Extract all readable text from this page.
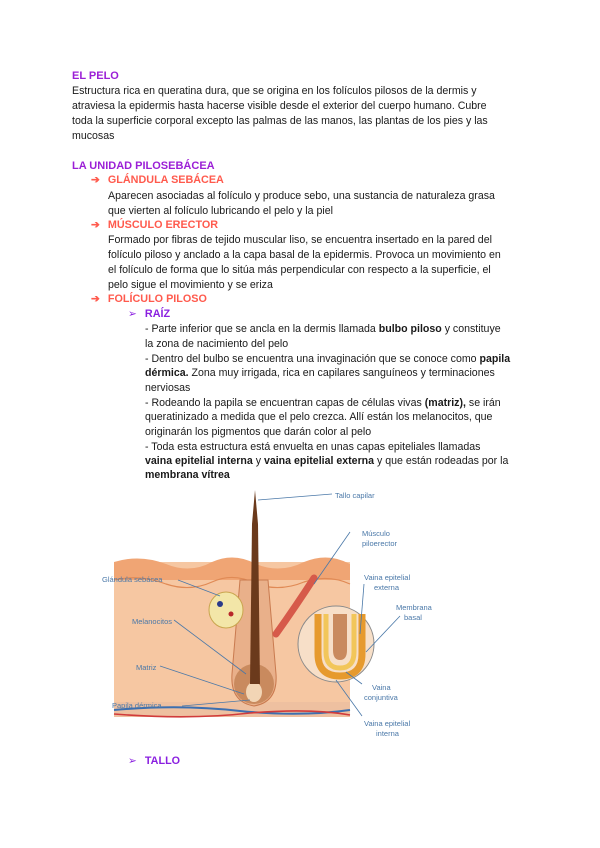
EL PELO
Estructura rica en queratina dura, que se origina en los folículos pilosos de la dermis y
atraviesa la epidermis hasta hacerse visible desde el exterior del cuerpo humano. Cubre
toda la superficie corporal excepto las palmas de las manos, las plantas de los pies y las
mucosas
LA UNIDAD PILOSEBÁCEA
➔ GLÁNDULA SEBÁCEA
Aparecen asociadas al folículo y produce sebo, una sustancia de naturaleza grasa
que vierten al folículo lubricando el pelo y la piel
➔ MÚSCULO ERECTOR
Formado por fibras de tejido muscular liso, se encuentra insertado en la pared del
folículo piloso y anclado a la capa basal de la epidermis. Provoca un movimiento en
el folículo de forma que lo sitúa más perpendicular con respecto a la superficie, el
pelo sigue el movimiento y se eriza
➔ FOLÍCULO PILOSO
➢ RAÍZ
- Parte inferior que se ancla en la dermis llamada bulbo piloso y constituye
la zona de nacimiento del pelo
- Dentro del bulbo se encuentra una invaginación que se conoce como papila
dérmica. Zona muy irrigada, rica en capilares sanguíneos y terminaciones
nerviosas
- Rodeando la papila se encuentran capas de células vivas (matriz), se irán
queratinizado a medida que el pelo crezca. Allí están los melanocitos, que
originarán los pigmentos que darán color al pelo
- Toda esta estructura está envuelta en unas capas epiteliales llamadas
vaina epitelial interna y vaina epitelial externa y que están rodeadas por la
membrana vítrea
Tallo capilar
Músculo
piloerector
Glándula sebácea	Vaina epitelial
externa
Membrana
basal
Melanocitos
Matriz
Vaina
conjuntiva
Papila dérmica
Vaina epitelial
interna
➢ TALLO
